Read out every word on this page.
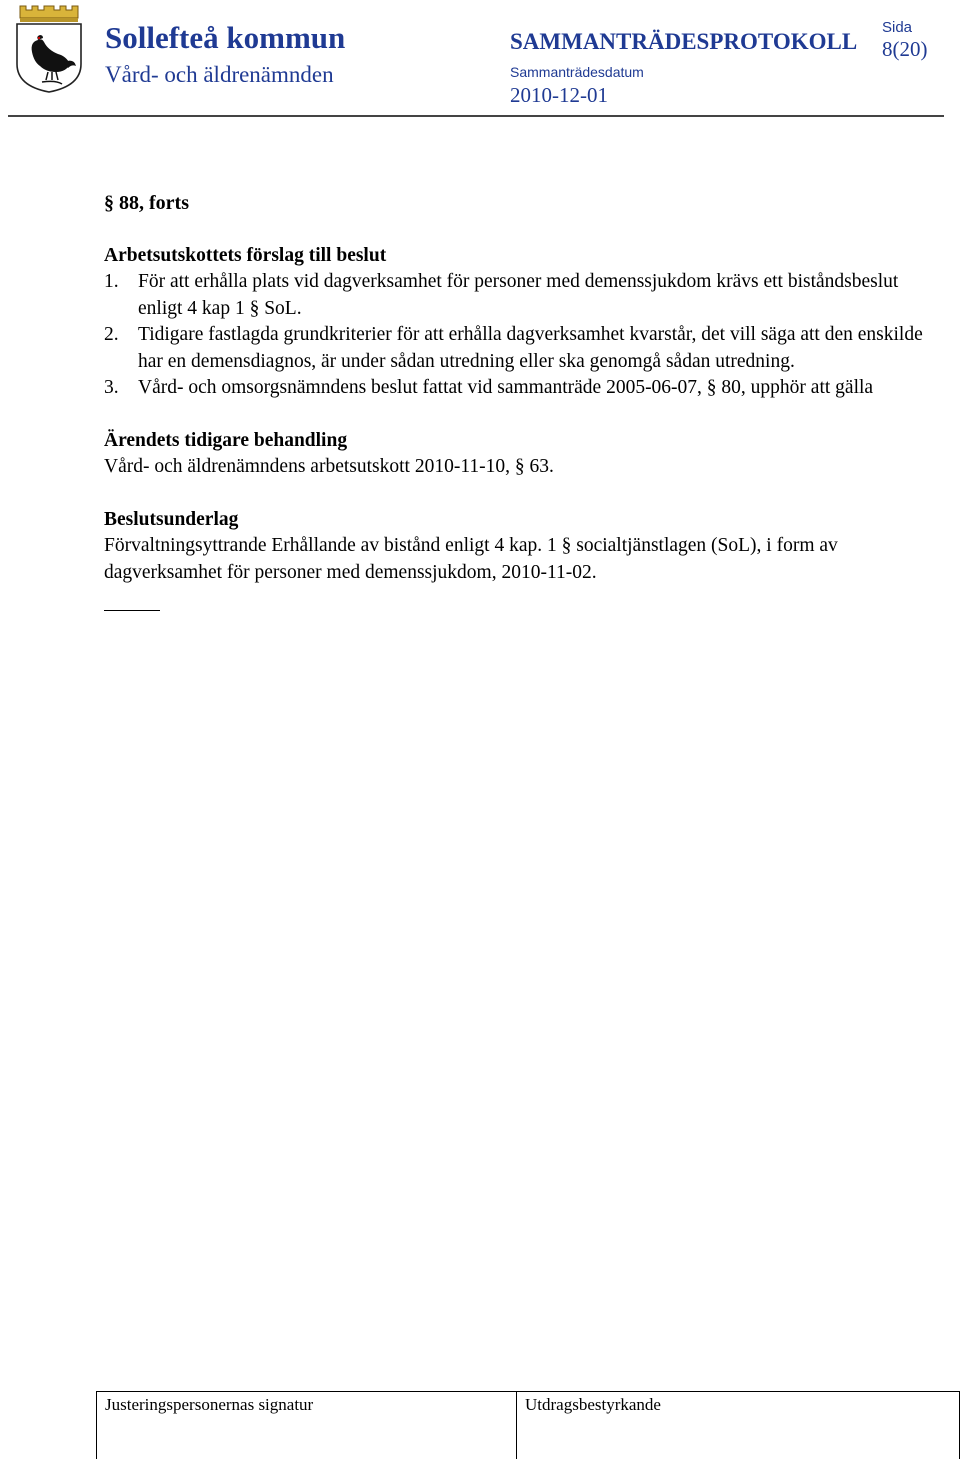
Sollefteå kommun
Vård- och äldrenämnden
SAMMANTRÄDESPROTOKOLL
Sammanträdesdatum
2010-12-01
Sida
8(20)
§ 88, forts
Arbetsutskottets förslag till beslut
1. För att erhålla plats vid dagverksamhet för personer med demenssjukdom krävs ett biståndsbeslut enligt 4 kap 1 § SoL.
2. Tidigare fastlagda grundkriterier för att erhålla dagverksamhet kvarstår, det vill säga att den enskilde har en demensdiagnos, är under sådan utredning eller ska genomgå sådan utredning.
3. Vård- och omsorgsnämndens beslut fattat vid sammanträde 2005-06-07, § 80, upphör att gälla
Ärendets tidigare behandling
Vård- och äldrenämndens arbetsutskott 2010-11-10, § 63.
Beslutsunderlag
Förvaltningsyttrande Erhållande av bistånd enligt 4 kap. 1 § socialtjänstlagen (SoL), i form av dagverksamhet för personer med demenssjukdom, 2010-11-02.
Justeringspersonernas signatur	Utdragsbestyrkande
